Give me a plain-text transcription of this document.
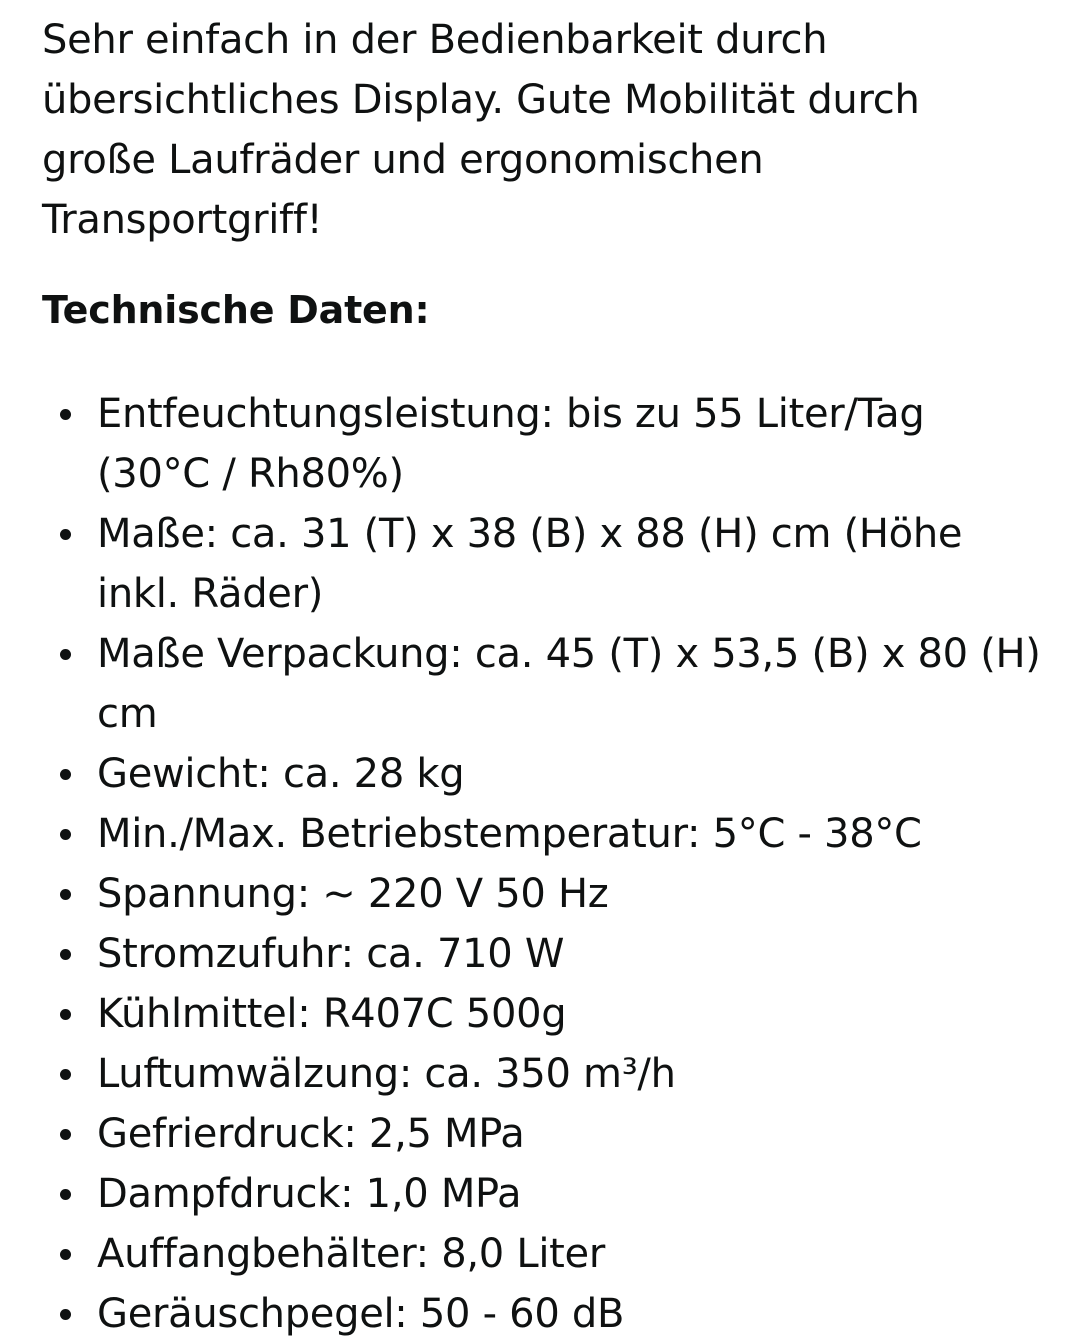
Sehr einfach in der Bedienbarkeit durch übersichtliches Display. Gute Mobilität durch große Laufräder und ergonomischen Transportgriff!

Technische Daten:
Entfeuchtungsleistung: bis zu 55 Liter/Tag (30°C / Rh80%)
Maße: ca. 31 (T) x 38 (B) x 88 (H) cm (Höhe inkl. Räder)
Maße Verpackung: ca. 45 (T) x 53,5 (B) x 80 (H) cm
Gewicht: ca. 28 kg
Min./Max. Betriebstemperatur: 5°C - 38°C
Spannung: ~ 220 V 50 Hz
Stromzufuhr: ca. 710 W
Kühlmittel: R407C 500g
Luftumwälzung: ca. 350 m³/h
Gefrierdruck: 2,5 MPa
Dampfdruck: 1,0 MPa
Auffangbehälter: 8,0 Liter
Geräuschpegel: 50 - 60 dB
